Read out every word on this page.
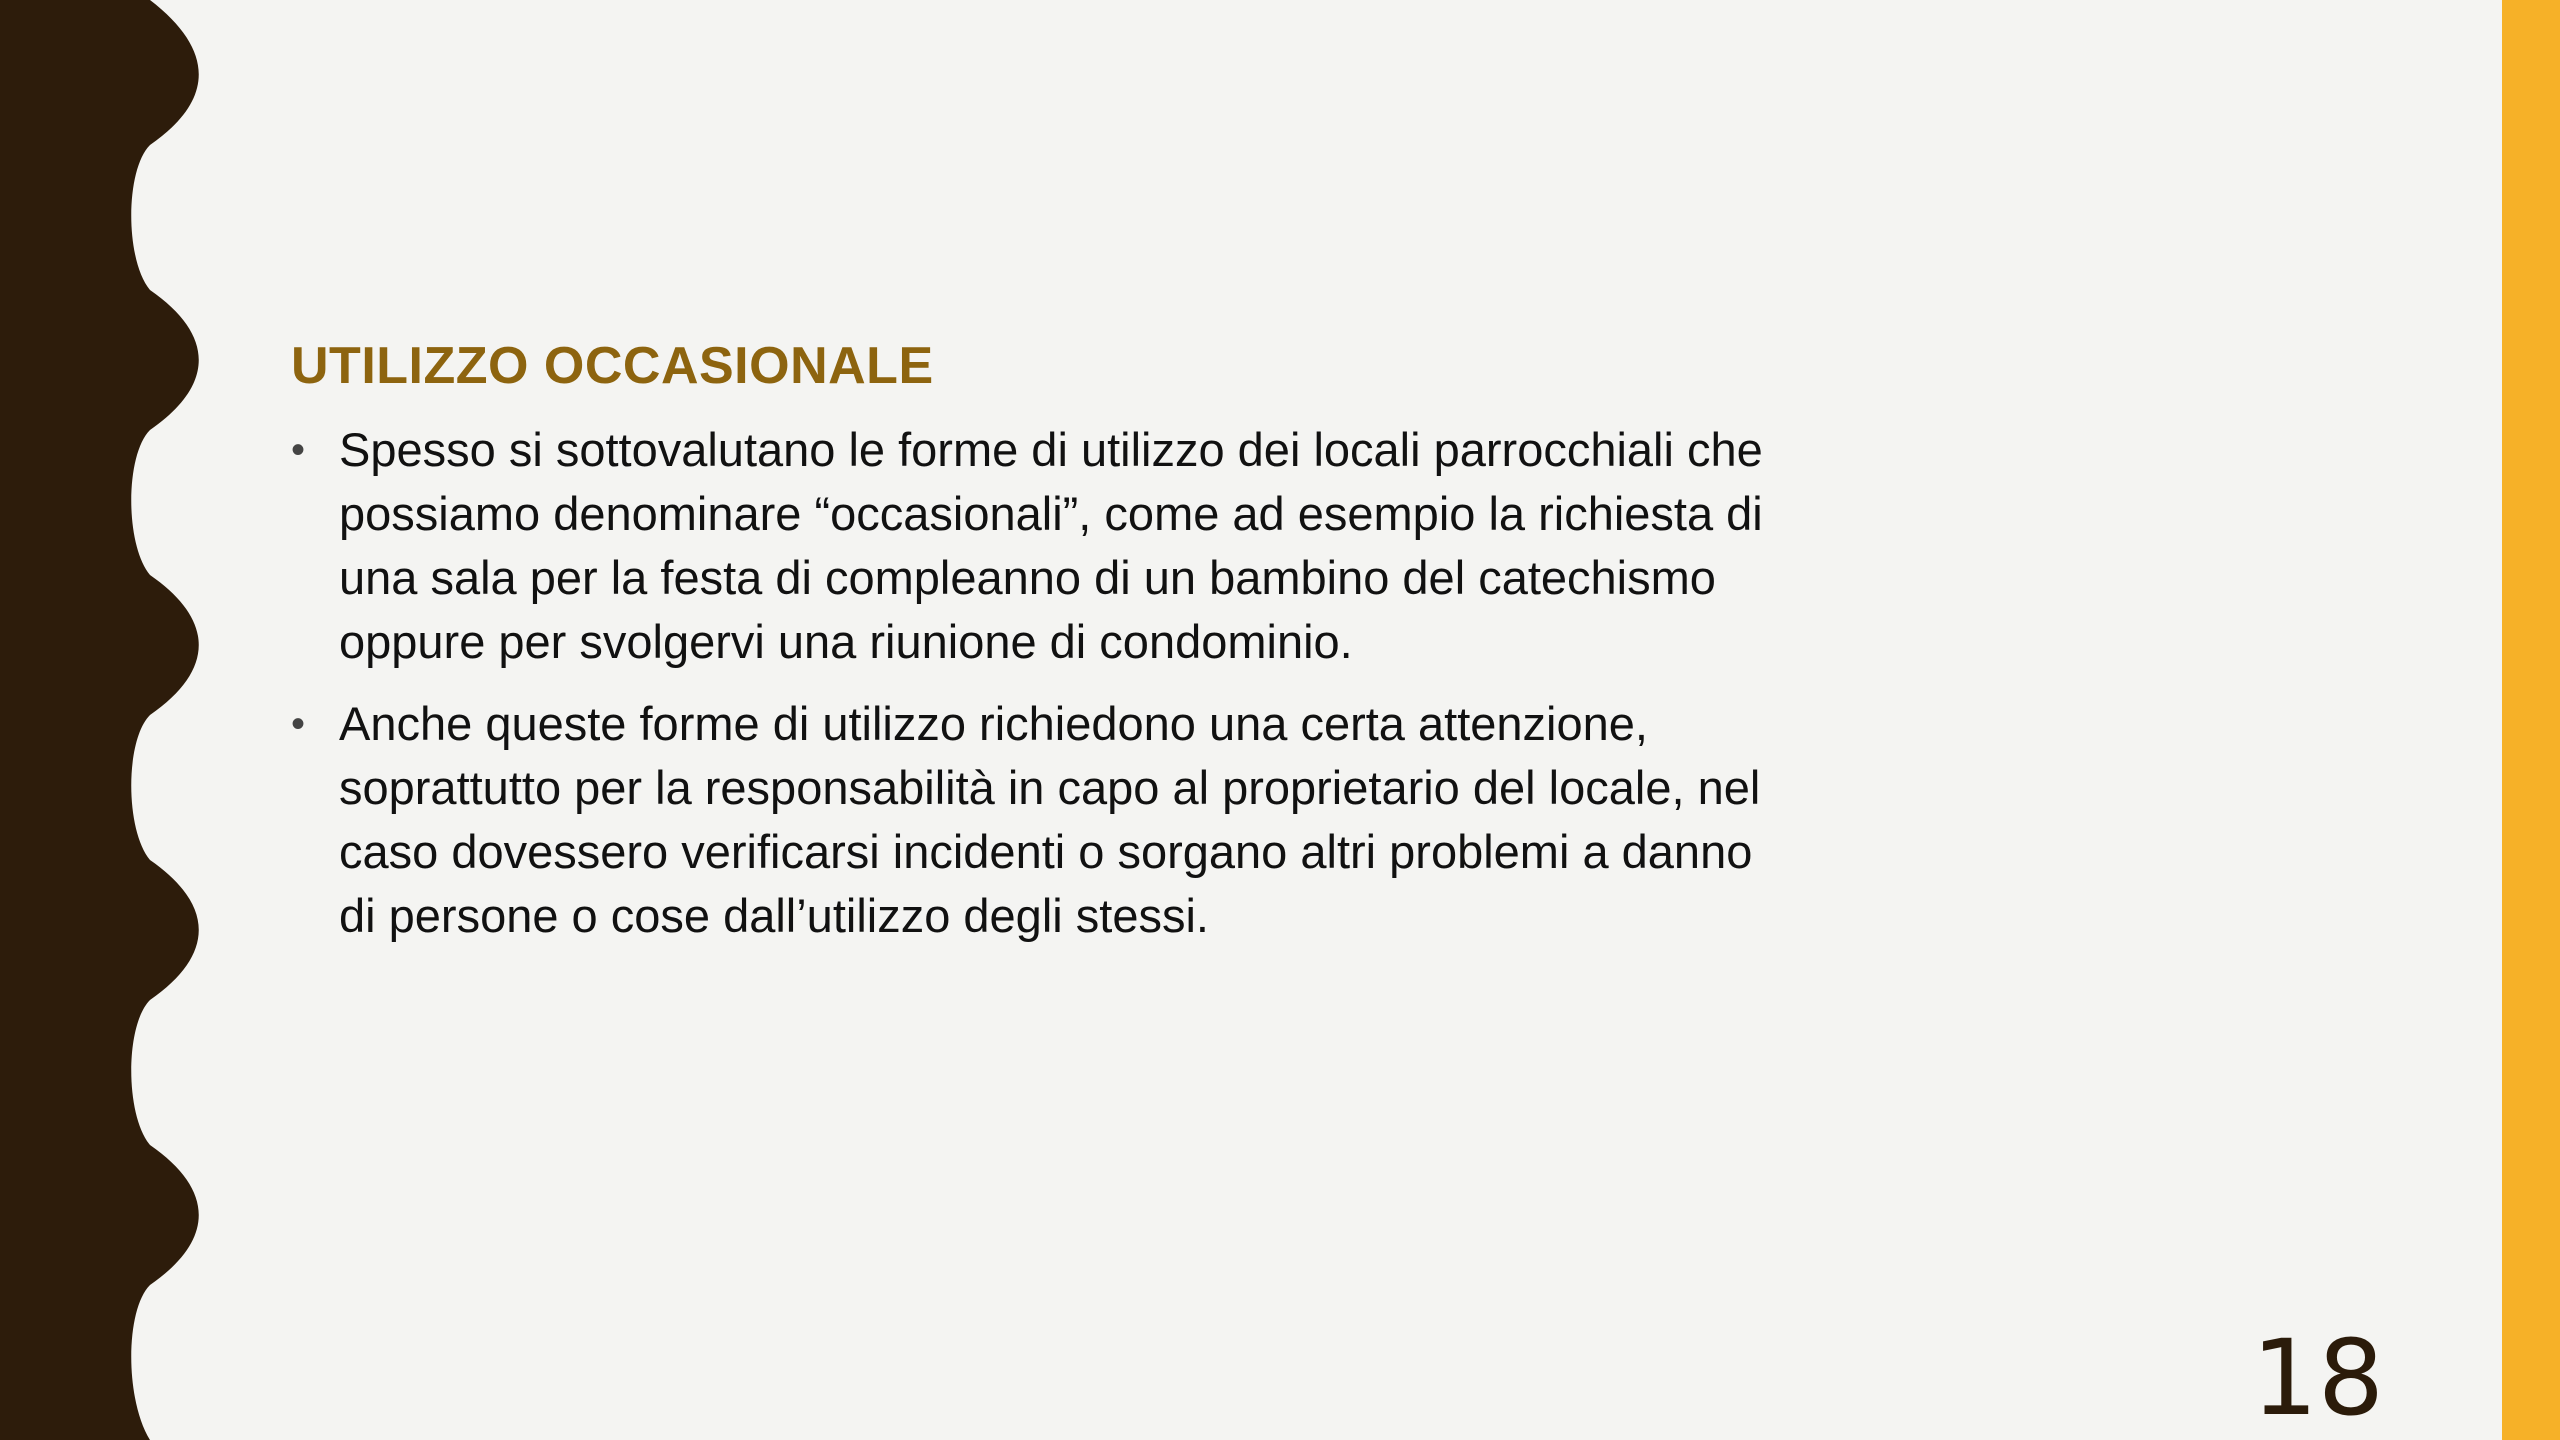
UTILIZZO OCCASIONALE
• Spesso si sottovalutano le forme di utilizzo dei locali parrocchiali che possiamo denominare “occasionali”, come ad esempio la richiesta di una sala per la festa di compleanno di un bambino del catechismo oppure per svolgervi una riunione di condominio.
• Anche queste forme di utilizzo richiedono una certa attenzione, soprattutto per la responsabilità in capo al proprietario del locale, nel caso dovessero verificarsi incidenti o sorgano altri problemi a danno di persone o cose dall’utilizzo degli stessi.
18
